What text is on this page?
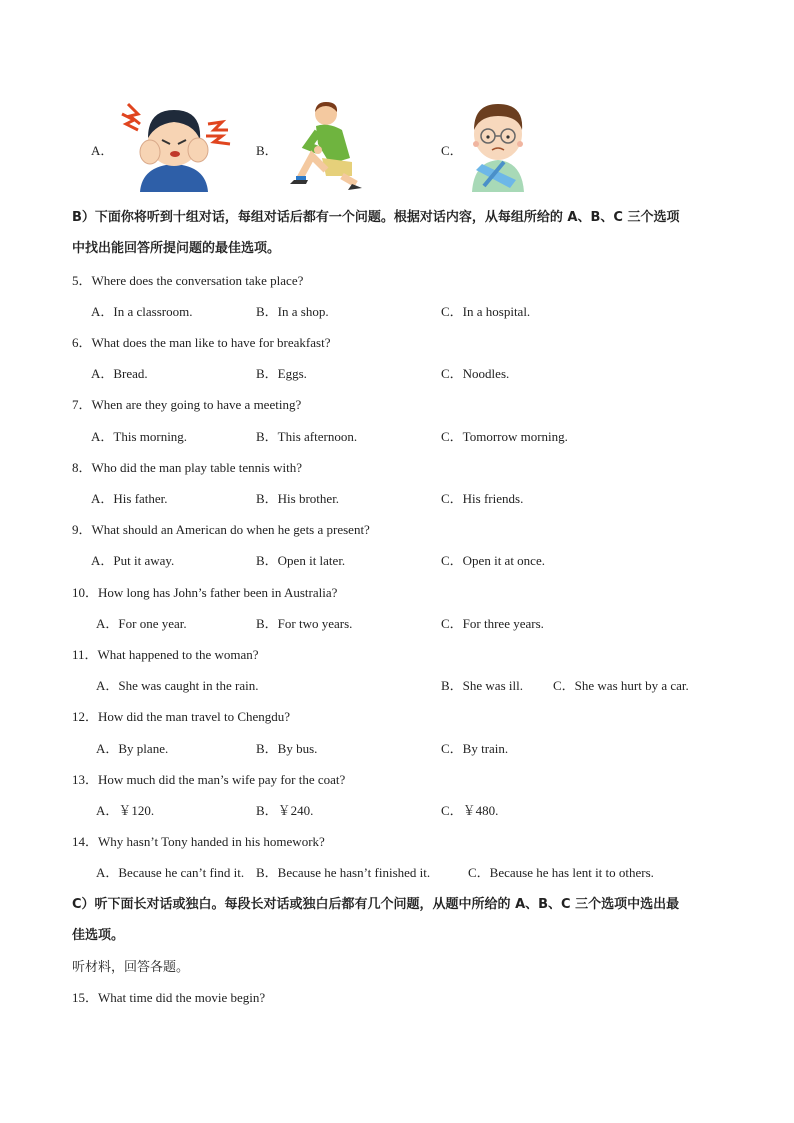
A．	B．	C．
B）下面你将听到十组对话，每组对话后都有一个问题。根据对话内容，从每组所给的 A、B、C 三个选项
中找出能回答所提问题的最佳选项。
5．Where does the conversation take place?
A．In a classroom.	B．In a shop.	C．In a hospital.
6．What does the man like to have for breakfast?
A．Bread.	B．Eggs.	C．Noodles.
7．When are they going to have a meeting?
A．This morning.	B．This afternoon.	C．Tomorrow morning.
8．Who did the man play table tennis with?
A．His father.	B．His brother.	C．His friends.
9．What should an American do when he gets a present?
A．Put it away.	B．Open it later.	C．Open it at once.
10．How long has John’s father been in Australia?
A．For one year.	B．For two years.	C．For three years.
11．What happened to the woman?
A．She was caught in the rain.	B．She was ill. C．She was hurt by a car.
12．How did the man travel to Chengdu?
A．By plane.	B．By bus.	C．By train.
13．How much did the man’s wife pay for the coat?
A．￥120.	B．￥240.	C．￥480.
14．Why hasn’t Tony handed in his homework?
A．Because he can’t find it. B．Because he hasn’t finished it.	C．Because he has lent it to others.
C）听下面长对话或独白。每段长对话或独白后都有几个问题，从题中所给的 A、B、C 三个选项中选出最
佳选项。
听材料，回答各题。
15．What time did the movie begin?
